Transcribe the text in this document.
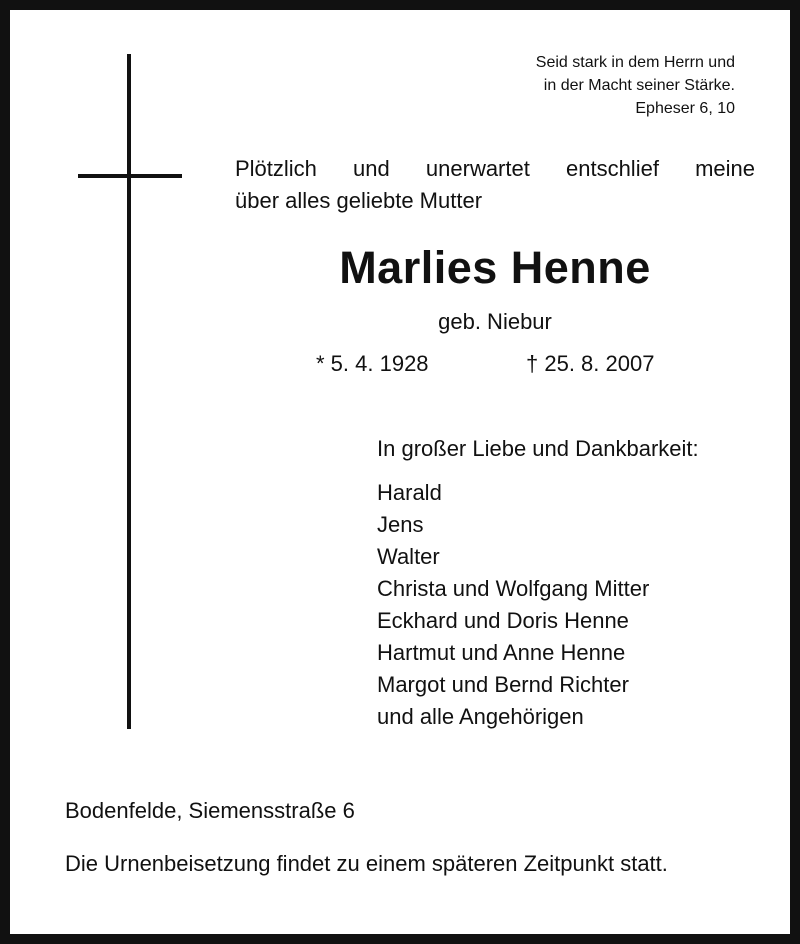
Seid stark in dem Herrn und
in der Macht seiner Stärke.
Epheser 6, 10
Plötzlich und unerwartet entschlief meine
über alles geliebte Mutter
Marlies Henne
geb. Niebur
* 5. 4. 1928	† 25. 8. 2007
In großer Liebe und Dankbarkeit:
Harald
Jens
Walter
Christa und Wolfgang Mitter
Eckhard und Doris Henne
Hartmut und Anne Henne
Margot und Bernd Richter
und alle Angehörigen
Bodenfelde, Siemensstraße 6
Die Urnenbeisetzung findet zu einem späteren Zeitpunkt statt.
